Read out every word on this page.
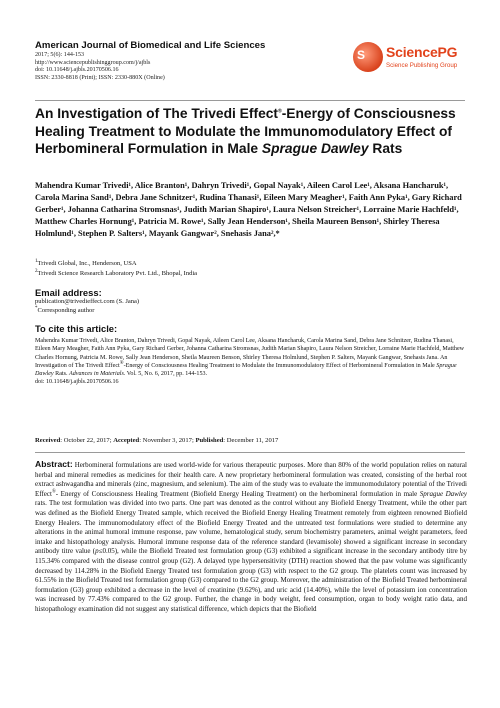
American Journal of Biomedical and Life Sciences
2017; 5(6): 144-153
http://www.sciencepublishinggroup.com/j/ajbls
doi: 10.11648/j.ajbls.20170506.16
ISSN: 2330-8818 (Print); ISSN: 2330-880X (Online)
S SciencePG
Science Publishing Group
An Investigation of The Trivedi Effect®-Energy of Consciousness Healing Treatment to Modulate the Immunomodulatory Effect of Herbomineral Formulation in Male Sprague Dawley Rats
Mahendra Kumar Trivedi¹, Alice Branton¹, Dahryn Trivedi¹, Gopal Nayak¹, Aileen Carol Lee¹, Aksana Hancharuk¹, Carola Marina Sand¹, Debra Jane Schnitzer¹, Rudina Thanasi¹, Eileen Mary Meagher¹, Faith Ann Pyka¹, Gary Richard Gerber¹, Johanna Catharina Stromsnas¹, Judith Marian Shapiro¹, Laura Nelson Streicher¹, Lorraine Marie Hachfeld¹, Matthew Charles Hornung¹, Patricia M. Rowe¹, Sally Jean Henderson¹, Sheila Maureen Benson¹, Shirley Theresa Holmlund¹, Stephen P. Salters¹, Mayank Gangwar², Snehasis Jana²,*
$^1$Trivedi Global, Inc., Henderson, USA
$^2$Trivedi Science Research Laboratory Pvt. Ltd., Bhopal, India
Email address:
publication@trivedieffect.com (S. Jana)
*Corresponding author
To cite this article:
Mahendra Kumar Trivedi, Alice Branton, Dahryn Trivedi, Gopal Nayak, Aileen Carol Lee, Aksana Hancharuk, Carola Marina Sand, Debra Jane Schnitzer, Rudina Thanasi, Eileen Mary Meagher, Faith Ann Pyka, Gary Richard Gerber, Johanna Catharina Stromsnas, Judith Marian Shapiro, Laura Nelson Streicher, Lorraine Marie Hachfeld, Matthew Charles Hornung, Patricia M. Rowe, Sally Jean Henderson, Sheila Maureen Benson, Shirley Theresa Holmlund, Stephen P. Salters, Mayank Gangwar, Snehasis Jana. An Investigation of The Trivedi Effect®-Energy of Consciousness Healing Treatment to Modulate the Immunomodulatory Effect of Herbomineral Formulation in Male Sprague Dawley Rats. Advances in Materials. Vol. 5, No. 6, 2017, pp. 144-153.
doi: 10.11648/j.ajbls.20170506.16
Received: October 22, 2017; Accepted: November 3, 2017; Published: December 11, 2017
Abstract: Herbomineral formulations are used world-wide for various therapeutic purposes. More than 80% of the world population relies on natural herbal and mineral remedies as medicines for their health care. A new proprietary herbomineral formulation was created, consisting of the herbal root extract ashwagandha and minerals (zinc, magnesium, and selenium). The aim of the study was to evaluate the immunomodulatory potential of the Trivedi Effect®- Energy of Consciousness Healing Treatment (Biofield Energy Healing Treatment) on the herbomineral formulation in male Sprague Dawley rats. The test formulation was divided into two parts. One part was denoted as the control without any Biofield Energy Treatment, while the other part was defined as the Biofield Energy Treated sample, which received the Biofield Energy Healing Treatment remotely from eighteen renowned Biofield Energy Healers. The immunomodulatory effect of the Biofield Energy Treated and the untreated test formulations were studied to determine any alterations in the animal humoral immune response, paw volume, hematological study, serum biochemistry parameters, animal weight parameters, feed intake and histopathology analysis. Humoral immune response data of the reference standard (levamisole) showed a significant increase in secondary antibody titre value (p≤0.05), while the Biofield Treated test formulation group (G3) exhibited a significant increase in the secondary antibody titre by 115.34% compared with the disease control group (G2). A delayed type hypersensitivity (DTH) reaction showed that the paw volume was significantly decreased by 114.28% in the Biofield Energy Treated test formulation group (G3) with respect to the G2 group. The platelets count was increased by 61.55% in the Biofield Treated test formulation group (G3) compared to the G2 group. Moreover, the administration of the Biofield Treated herbomineral formulation (G3) group exhibited a decrease in the level of creatinine (9.62%), and uric acid (14.40%), while the level of potassium ion concentration was increased by 77.43% compared to the G2 group. Further, the change in body weight, feed consumption, organ to body weight ratio data, and histopathology examination did not suggest any statistical difference, which depicts that the Biofield
